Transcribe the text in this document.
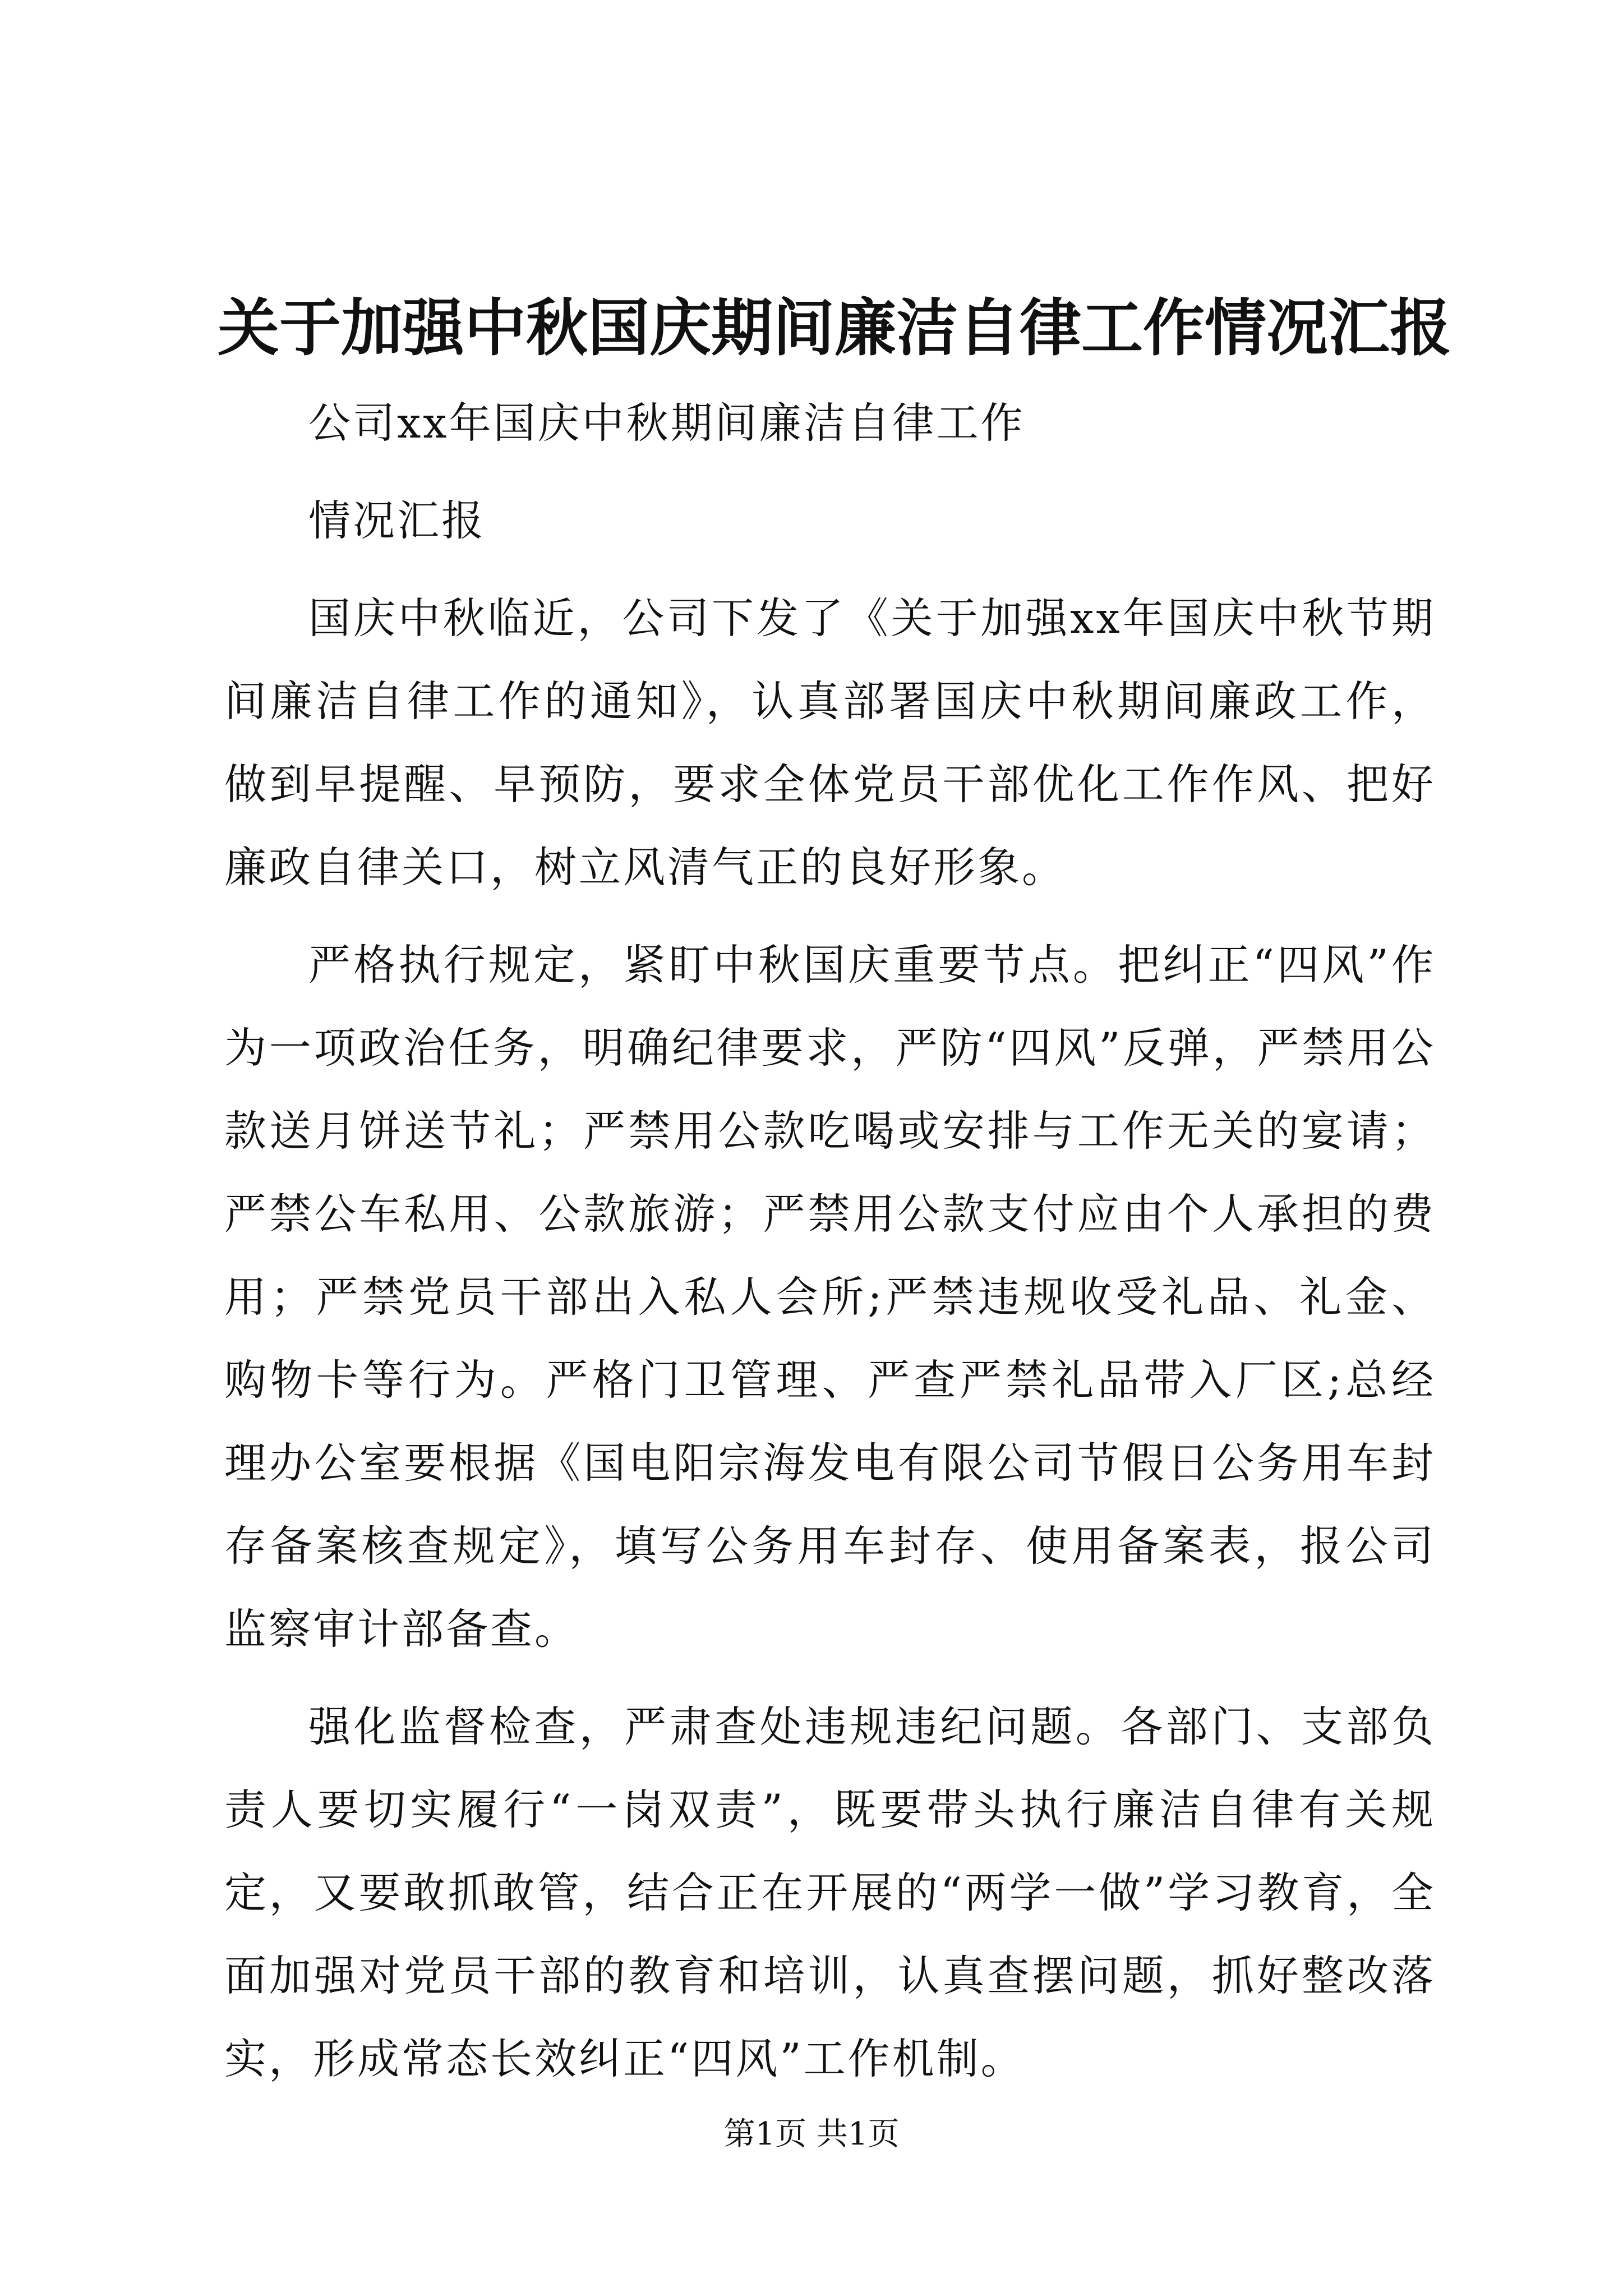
关于加强中秋国庆期间廉洁自律工作情况汇报

公司xx年国庆中秋期间廉洁自律工作

情况汇报

国庆中秋临近，公司下发了《关于加强xx年国庆中秋节期间廉洁自律工作的通知》，认真部署国庆中秋期间廉政工作，做到早提醒、早预防，要求全体党员干部优化工作作风、把好廉政自律关口，树立风清气正的良好形象。

严格执行规定，紧盯中秋国庆重要节点。把纠正“四风”作为一项政治任务，明确纪律要求，严防“四风”反弹，严禁用公款送月饼送节礼；严禁用公款吃喝或安排与工作无关的宴请；严禁公车私用、公款旅游；严禁用公款支付应由个人承担的费用；严禁党员干部出入私人会所;严禁违规收受礼品、礼金、购物卡等行为。严格门卫管理、严查严禁礼品带入厂区;总经理办公室要根据《国电阳宗海发电有限公司节假日公务用车封存备案核查规定》，填写公务用车封存、使用备案表，报公司监察审计部备查。

强化监督检查，严肃查处违规违纪问题。各部门、支部负责人要切实履行“一岗双责”，既要带头执行廉洁自律有关规定，又要敢抓敢管，结合正在开展的“两学一做”学习教育，全面加强对党员干部的教育和培训，认真查摆问题，抓好整改落实，形成常态长效纠正“四风”工作机制。

第1页 共1页
